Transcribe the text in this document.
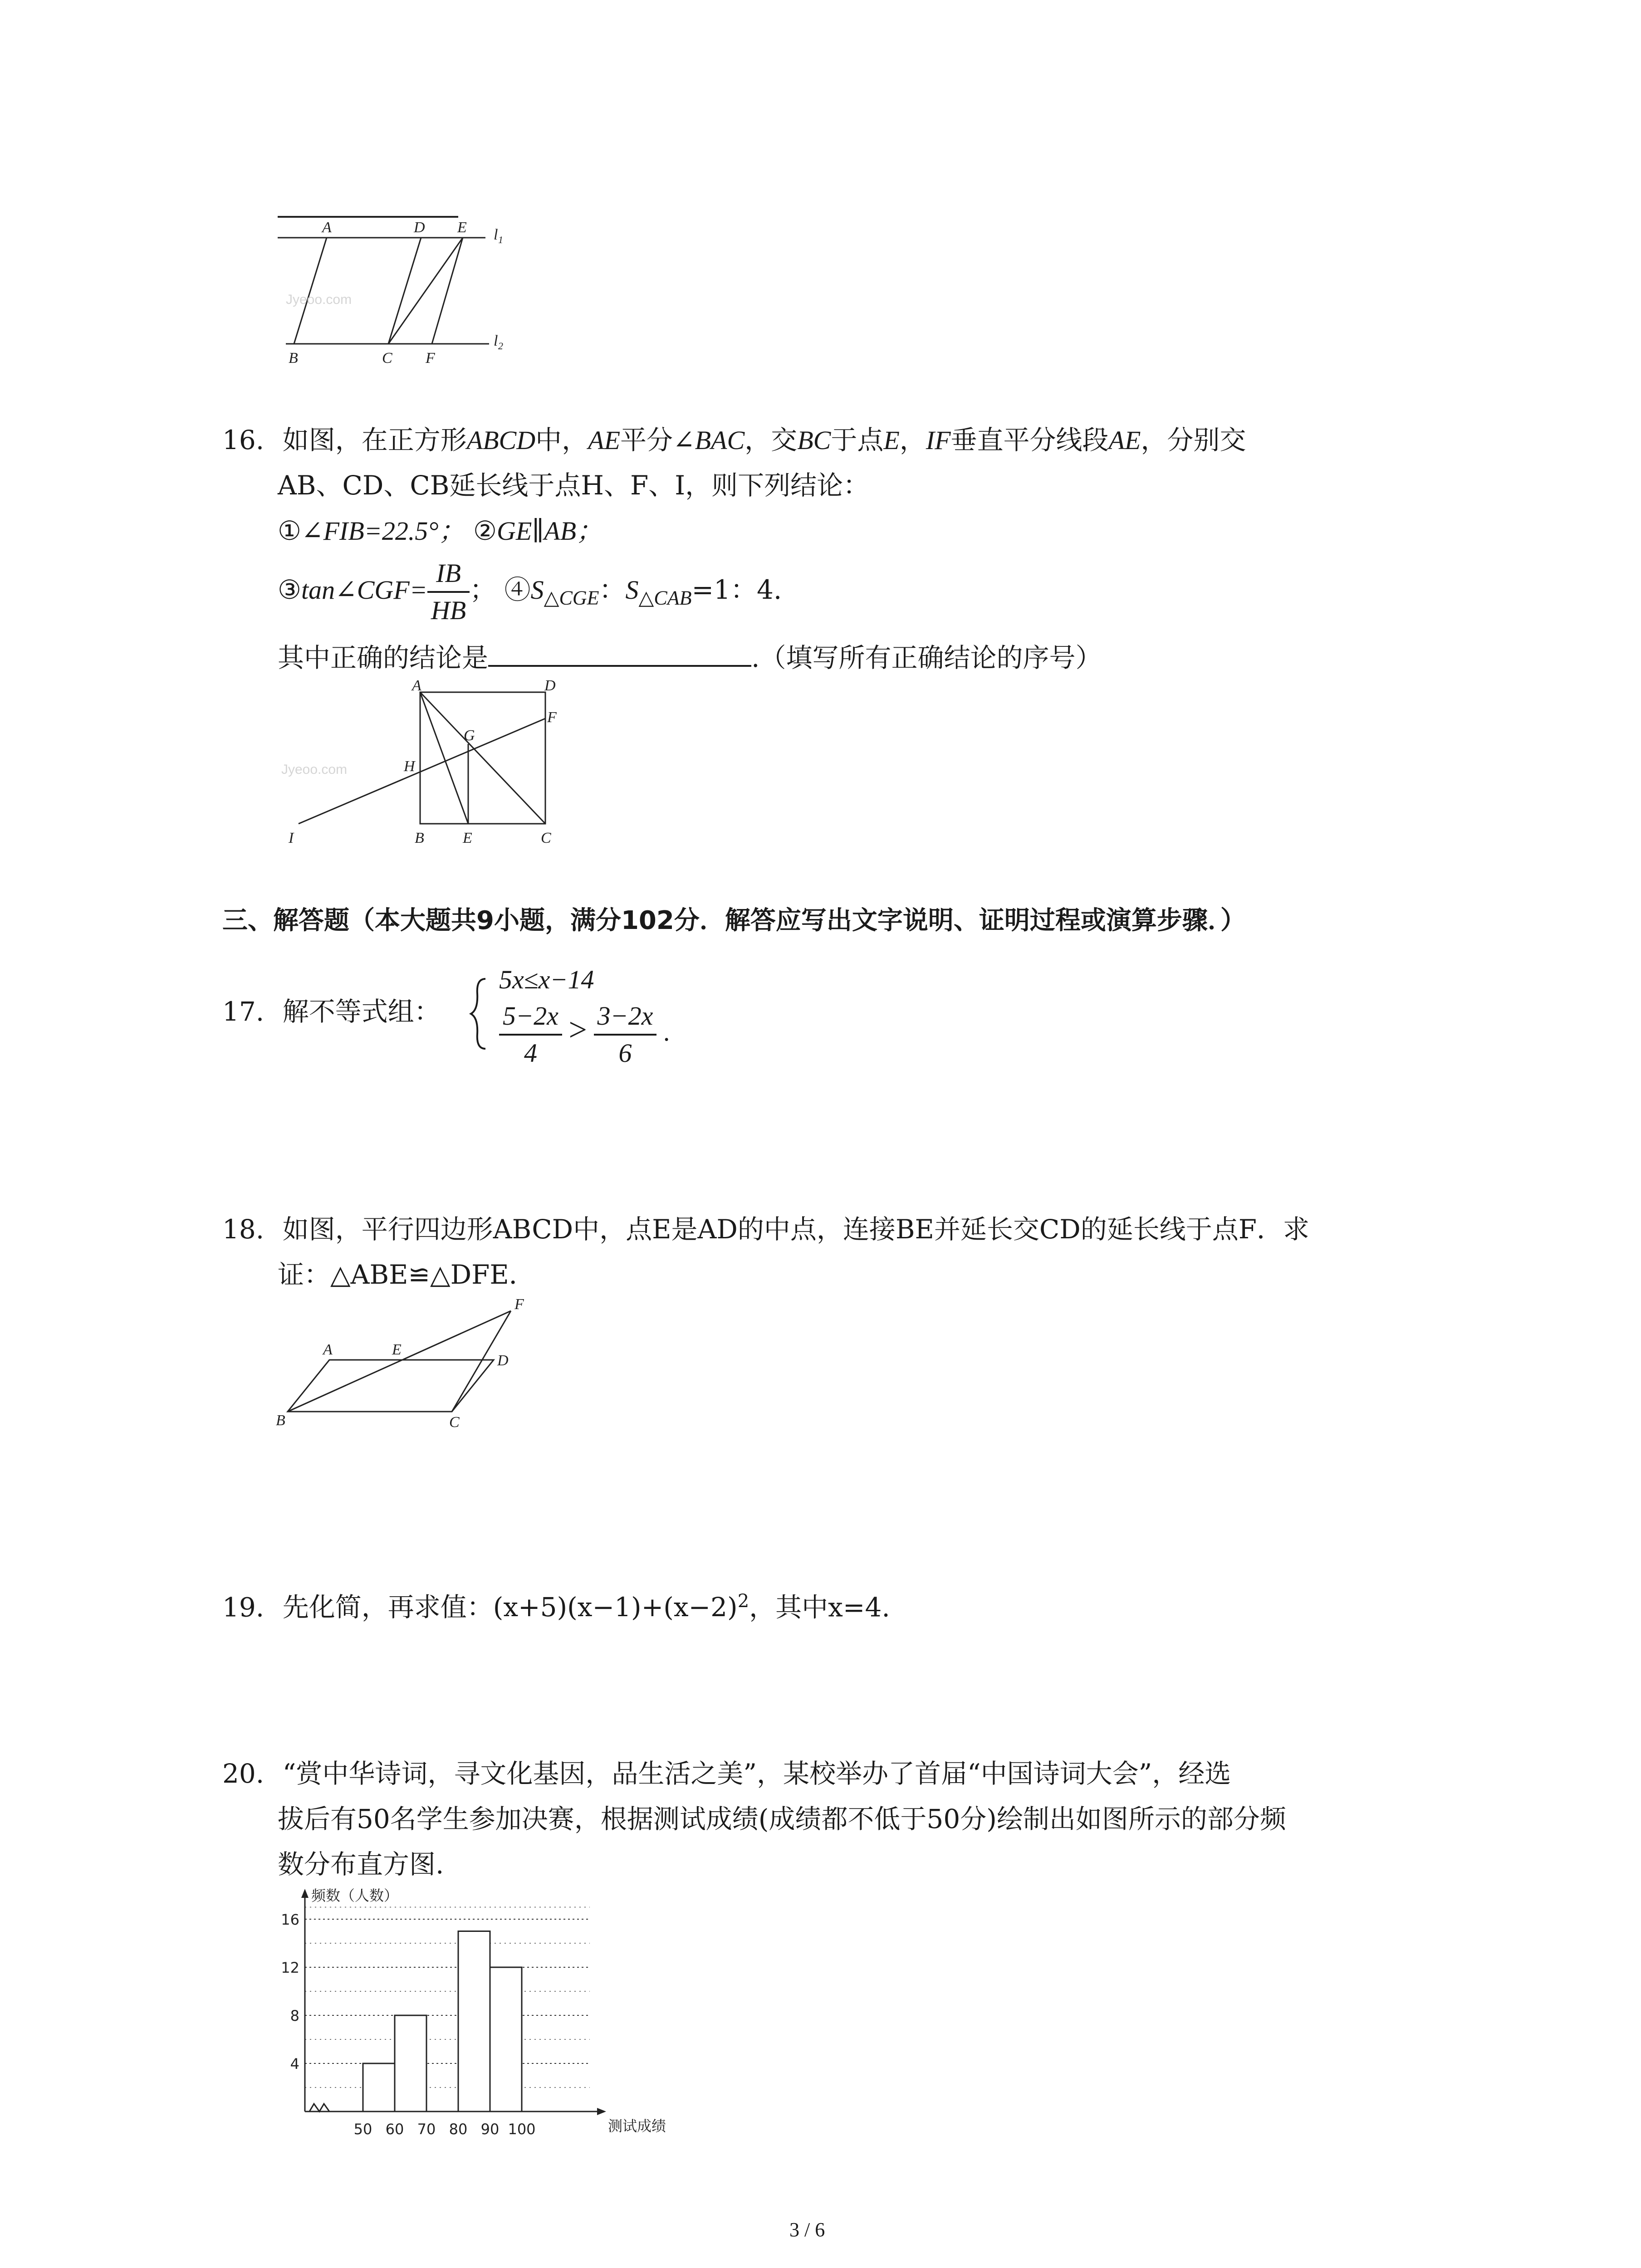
Jyeoo.com
A	D E l 1
B	C F
l 2
16. 如图，在正方形ABCD中，AE平分∠BAC，交BC于点E，IF垂直平分线段AE，分别交
AB、CD、CB延长线于点H、F、I，则下列结论：
①∠FIB=22.5°； ②GE∥AB；
③tan∠CGF= $\frac{IB}{HB}$ ； $④S_{\triangle CGE}$：$S_{\triangle CAB}=1$：4.
其中正确的结论是	.（填写所有正确结论的序号）
Jyeoo.com
A	D
F
G
H
I	B	E	C
三、解答题（本大题共9小题，满分102分．解答应写出文字说明、证明过程或演算步骤．）
17. 解不等式组：
5x≤x−14
$\frac{5-2x}{4} > \frac{3-2x}{6}$ .
18. 如图，平行四边形ABCD中，点E是AD的中点，连接BE并延长交CD的延长线于点F．求
证：△ABE≌△DFE．
F
A	E
D
B	C
19. 先化简，再求值：$(x+5)(x-1)+(x-2)^2$，其中x=4.
20. “赏中华诗词，寻文化基因，品生活之美”，某校举办了首届“中国诗词大会”，经选
拔后有50名学生参加决赛，根据测试成绩(成绩都不低于50分)绘制出如图所示的部分频
数分布直方图.
4
8
12
16
50 60 70 80 90 100
频数（人数）
测试成绩
3 / 6
